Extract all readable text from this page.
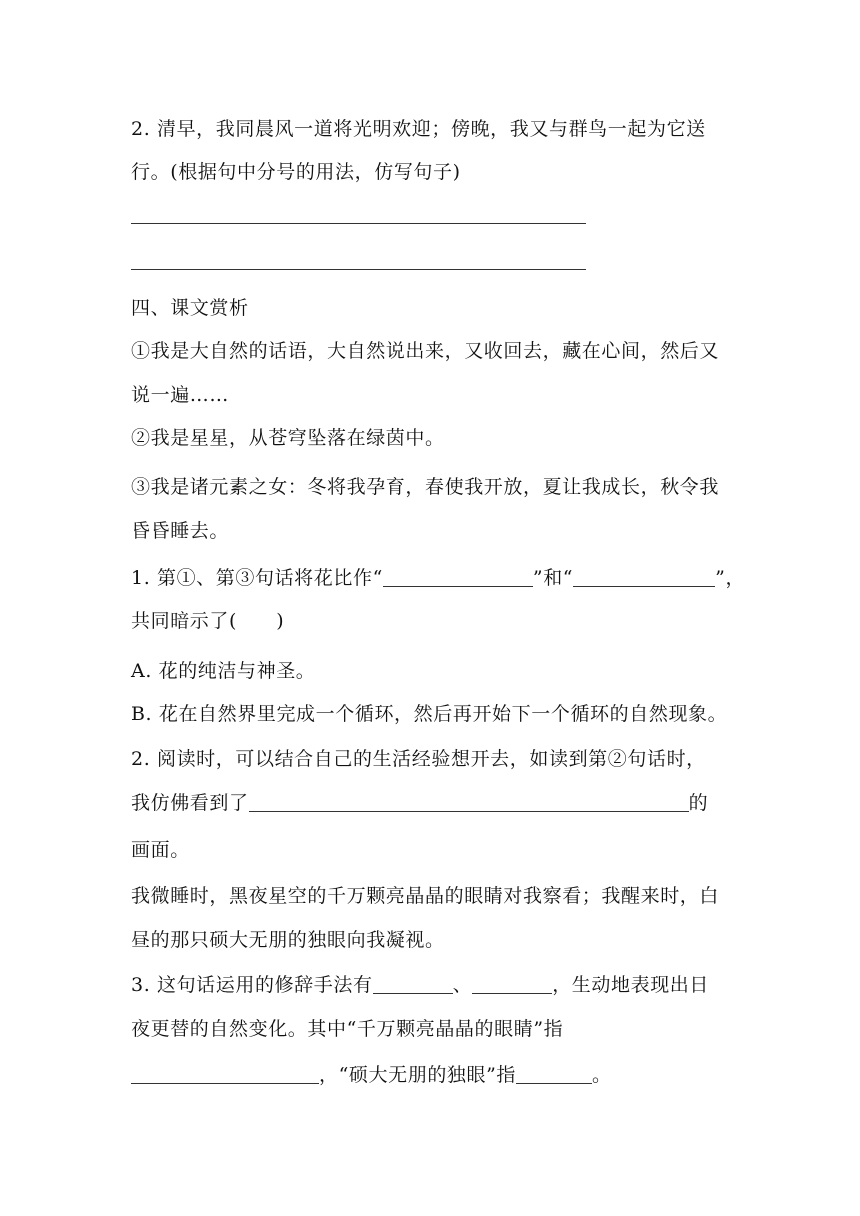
2. 清早，我同晨风一道将光明欢迎；傍晚，我又与群鸟一起为它送
行。(根据句中分号的用法，仿写句子)
四、课文赏析
①我是大自然的话语，大自然说出来，又收回去，藏在心间，然后又
说一遍……
②我是星星，从苍穹坠落在绿茵中。
③我是诸元素之女：冬将我孕育，春使我开放，夏让我成长，秋令我
昏昏睡去。
1. 第①、第③句话将花比作“	”和“	”，
共同暗示了(　　)
A. 花的纯洁与神圣。
B. 花在自然界里完成一个循环，然后再开始下一个循环的自然现象。
2. 阅读时，可以结合自己的生活经验想开去，如读到第②句话时，
我仿佛看到了	的
画面。
我微睡时，黑夜星空的千万颗亮晶晶的眼睛对我察看；我醒来时，白
昼的那只硕大无朋的独眼向我凝视。
3. 这句话运用的修辞手法有	、	，生动地表现出日
夜更替的自然变化。其中“千万颗亮晶晶的眼睛”指
，“硕大无朋的独眼”指	。
